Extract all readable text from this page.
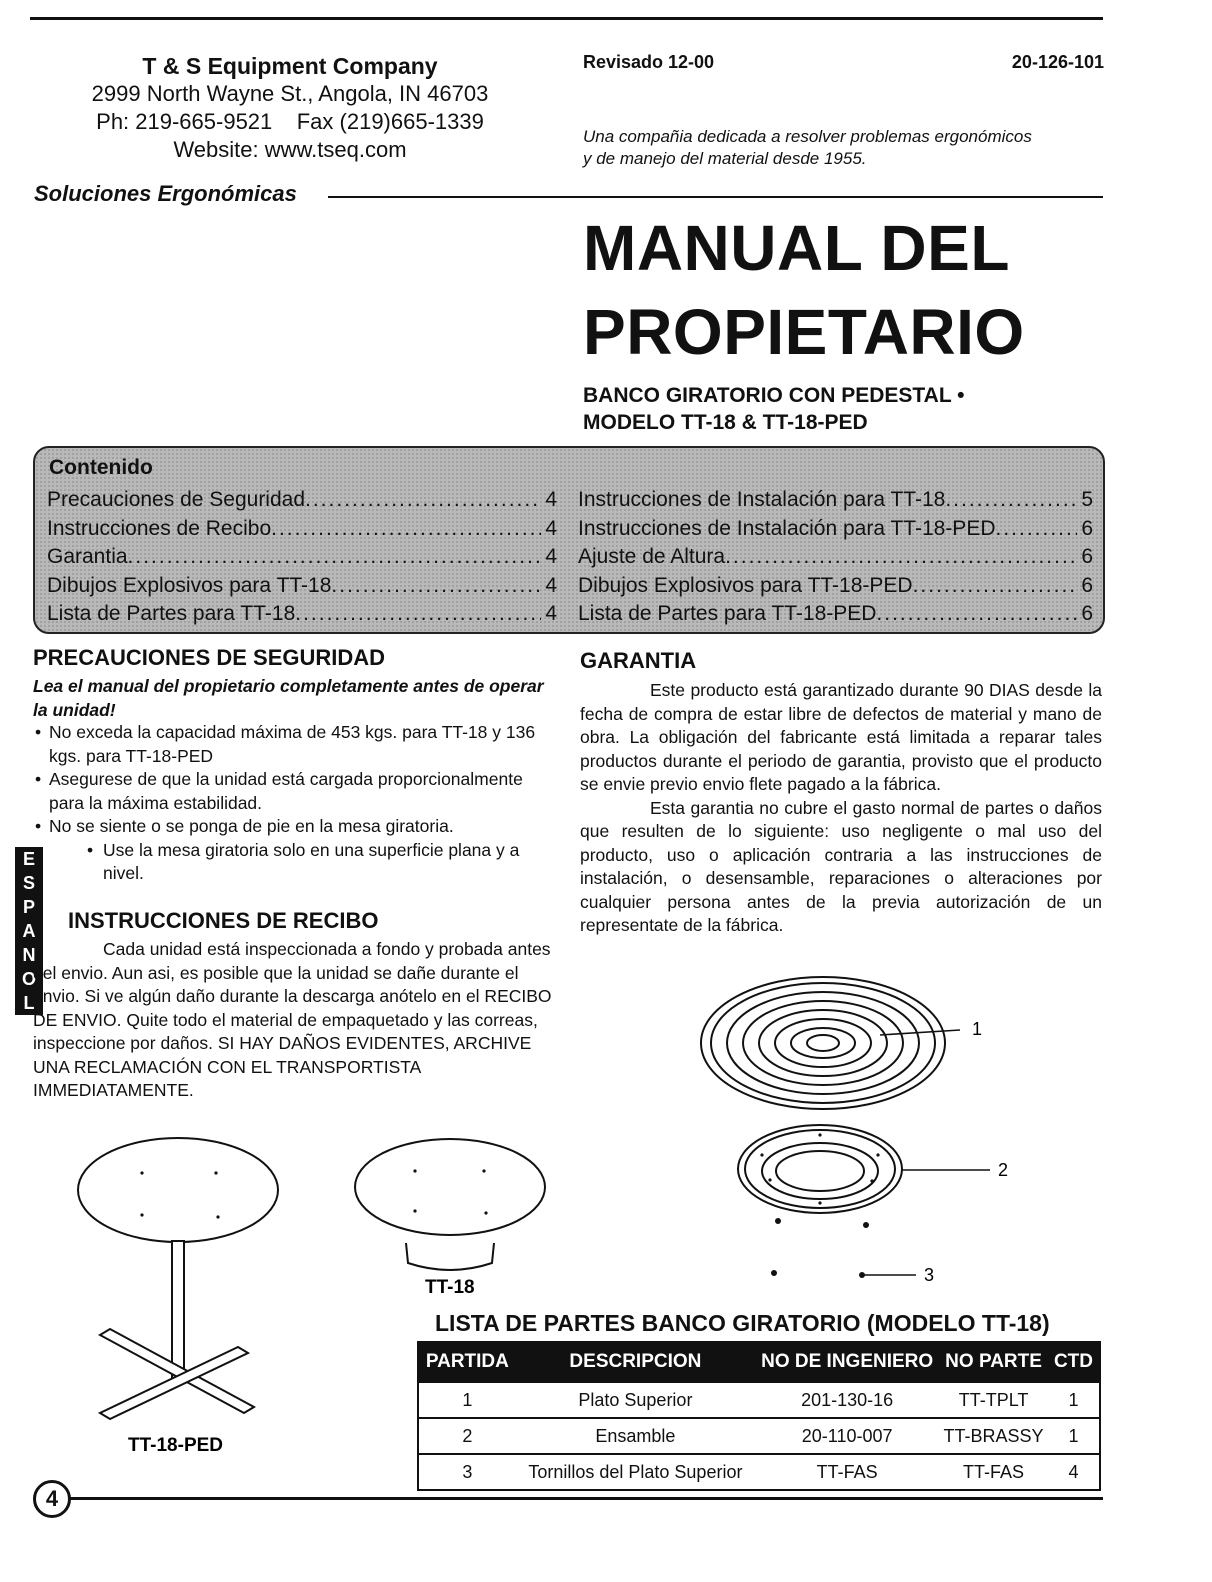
T & S Equipment Company
2999 North Wayne St., Angola, IN 46703
Ph: 219-665-9521    Fax (219)665-1339
Website: www.tseq.com
Revisado 12-00	20-126-101
Una compañia dedicada a resolver problemas ergonómicos
y de manejo del material desde 1955.
Soluciones Ergonómicas
MANUAL DEL
PROPIETARIO
BANCO GIRATORIO CON PEDESTAL •
MODELO TT-18 & TT-18-PED
Contenido
Precauciones de Seguridad .....	4
Instrucciones de Recibo .....	4
Garantia .....	4
Dibujos Explosivos para TT-18 .....	4
Lista de Partes para TT-18 .....	4
Instrucciones de Instalación para TT-18 .....	5
Instrucciones de Instalación para TT-18-PED .....	6
Ajuste de Altura .....	6
Dibujos Explosivos para TT-18-PED .....	6
Lista de Partes para TT-18-PED .....	6
PRECAUCIONES DE SEGURIDAD
Lea el manual del propietario completamente antes de operar la unidad!
• No exceda la capacidad máxima de 453 kgs. para TT-18 y 136 kgs. para TT-18-PED
• Asegurese de que la unidad está cargada proporcionalmente para la máxima estabilidad.
• No se siente o se ponga de pie en la mesa giratoria.
• Use la mesa giratoria solo en una superficie plana y a nivel.
E
S
P
A
N
O
L
INSTRUCCIONES DE RECIBO
Cada unidad está inspeccionada a fondo y probada antes del envio. Aun asi, es posible que la unidad se dañe durante el envio. Si ve algún daño durante la descarga anótelo en el RECIBO DE ENVIO. Quite todo el material de empaquetado y las correas, inspeccione por daños. SI HAY DAÑOS EVIDENTES, ARCHIVE UNA RECLAMACIÓN CON EL TRANSPORTISTA IMMEDIATAMENTE.
GARANTIA

Este producto está garantizado durante 90 DIAS desde la fecha de compra de estar libre de defectos de material y mano de obra. La obligación del fabricante está limitada a reparar tales productos durante el periodo de garantia, provisto que el producto se envie previo envio flete pagado a la fábrica.

Esta garantia no cubre el gasto normal de partes o daños que resulten de lo siguiente: uso negligente o mal uso del producto, uso o aplicación contraria a las instrucciones de instalación, o desensamble, reparaciones o alteraciones por cualquier persona antes de la previa autorización de un representate de la fábrica.

1
2
3
TT-18-PED
TT-18
LISTA DE PARTES BANCO GIRATORIO (MODELO TT-18)
PARTIDA	DESCRIPCION	NO DE INGENIERO	NO PARTE	CTD
1	Plato Superior	201-130-16	TT-TPLT	1
2	Ensamble	20-110-007	TT-BRASSY	1
3	Tornillos del Plato Superior	TT-FAS	TT-FAS	4
4
